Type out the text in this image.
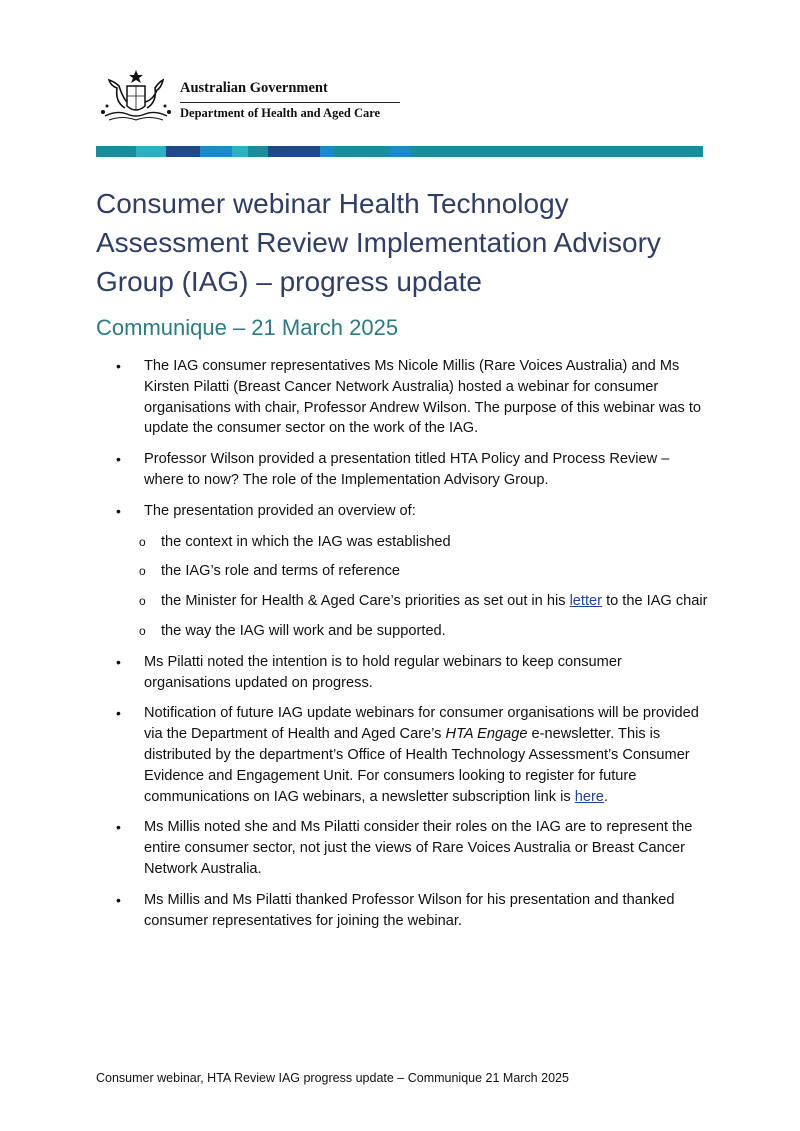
Australian Government
Department of Health and Aged Care
Consumer webinar Health Technology Assessment Review Implementation Advisory Group (IAG) – progress update
Communique – 21 March 2025
• The IAG consumer representatives Ms Nicole Millis (Rare Voices Australia) and Ms Kirsten Pilatti (Breast Cancer Network Australia) hosted a webinar for consumer organisations with chair, Professor Andrew Wilson. The purpose of this webinar was to update the consumer sector on the work of the IAG.
• Professor Wilson provided a presentation titled HTA Policy and Process Review – where to now? The role of the Implementation Advisory Group.
• The presentation provided an overview of:
o the context in which the IAG was established
o the IAG’s role and terms of reference
o the Minister for Health & Aged Care’s priorities as set out in his letter to the IAG chair
o the way the IAG will work and be supported.
• Ms Pilatti noted the intention is to hold regular webinars to keep consumer organisations updated on progress.
• Notification of future IAG update webinars for consumer organisations will be provided via the Department of Health and Aged Care’s HTA Engage e-newsletter. This is distributed by the department’s Office of Health Technology Assessment’s Consumer Evidence and Engagement Unit. For consumers looking to register for future communications on IAG webinars, a newsletter subscription link is here.
• Ms Millis noted she and Ms Pilatti consider their roles on the IAG are to represent the entire consumer sector, not just the views of Rare Voices Australia or Breast Cancer Network Australia.
• Ms Millis and Ms Pilatti thanked Professor Wilson for his presentation and thanked consumer representatives for joining the webinar.
Consumer webinar, HTA Review IAG progress update – Communique 21 March 2025
